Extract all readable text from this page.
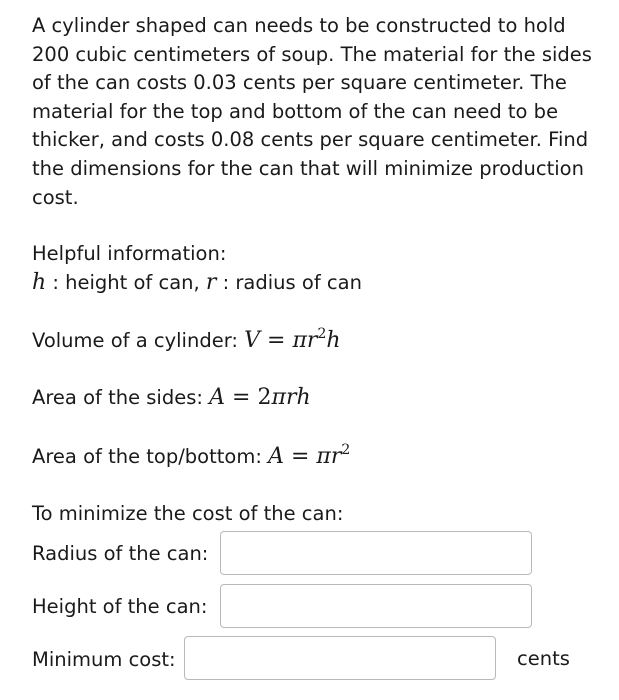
A cylinder shaped can needs to be constructed to hold 200 cubic centimeters of soup. The material for the sides of the can costs 0.03 cents per square centimeter. The material for the top and bottom of the can need to be thicker, and costs 0.08 cents per square centimeter. Find the dimensions for the can that will minimize production cost.

Helpful information:
h : height of can, r : radius of can
Volume of a cylinder: $V = \pi r^2h$
Area of the sides: A = 2πrh
Area of the top/bottom: $A = \pi r^2$
To minimize the cost of the can:
Radius of the can:
Height of the can:
Minimum cost:	cents
